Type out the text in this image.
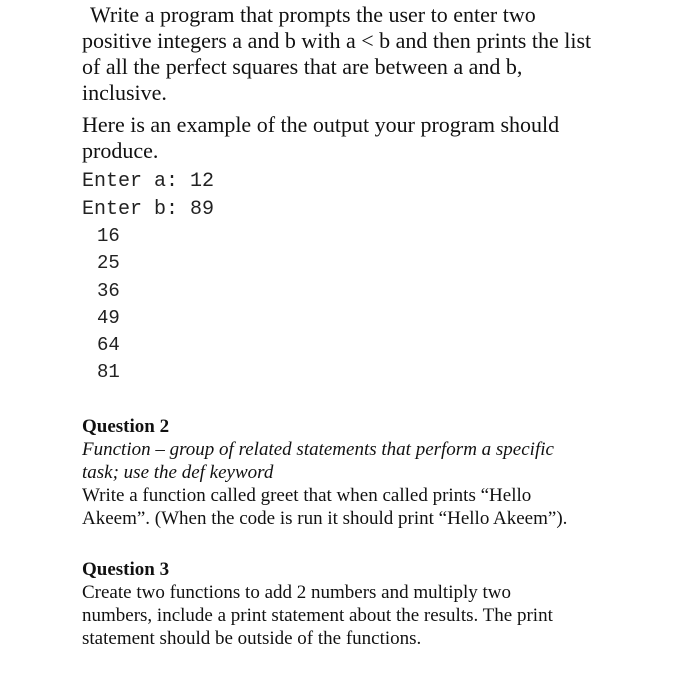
Write a program that prompts the user to enter two
positive integers a and b with a < b and then prints the list
of all the perfect squares that are between a and b,
inclusive.

Here is an example of the output your program should
produce.

Enter a: 12
Enter b: 89
16
25
36
49
64
81
Question 2
Function – group of related statements that perform a specific
task; use the def keyword
Write a function called greet that when called prints “Hello
Akeem”. (When the code is run it should print “Hello Akeem”).
Question 3
Create two functions to add 2 numbers and multiply two
numbers, include a print statement about the results. The print
statement should be outside of the functions.
